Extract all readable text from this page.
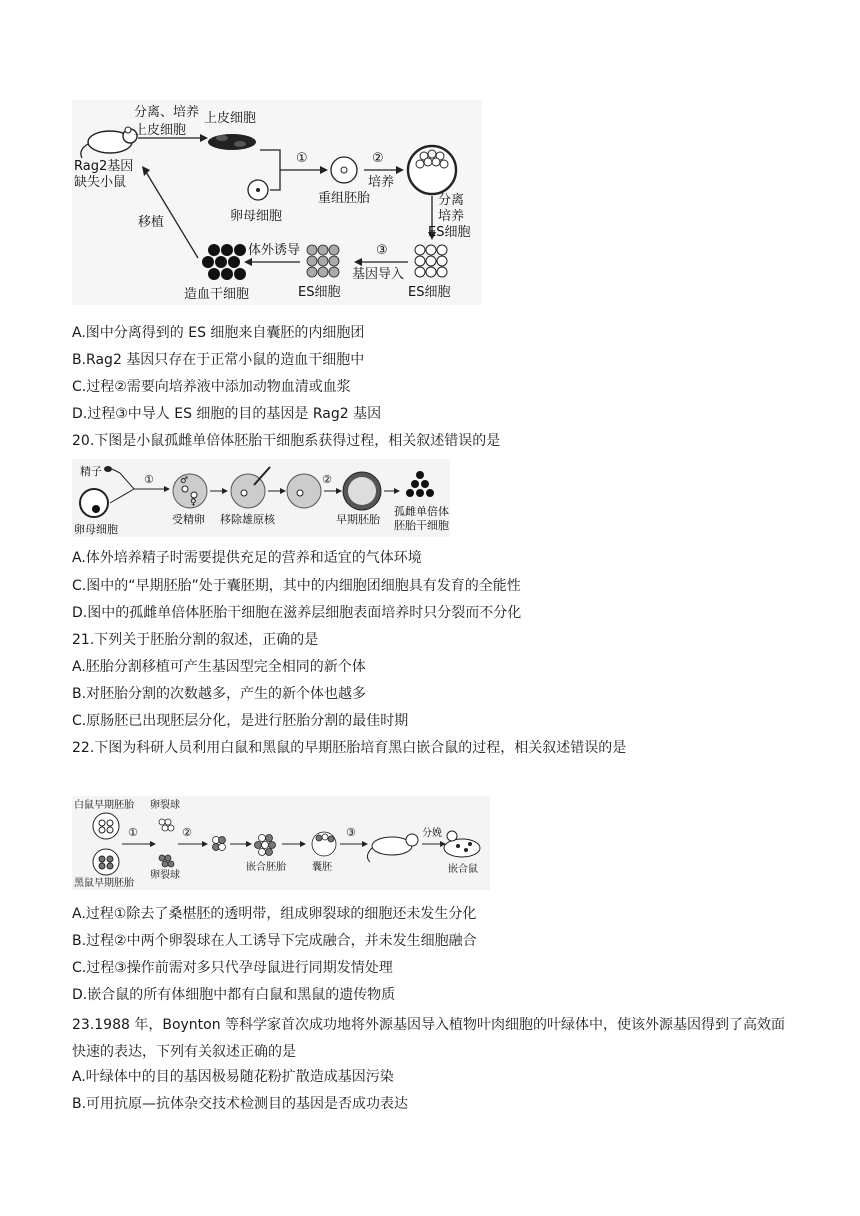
Rag2基因
缺失小鼠
分离、培养
上皮细胞
上皮细胞
卵母细胞
①
重组胚胎
②
培养
分离
培养
ES细胞
ES细胞
③
基因导入
ES细胞
体外诱导
造血干细胞
移植
A.图中分离得到的 ES 细胞来自囊胚的内细胞团
B.Rag2 基因只存在于正常小鼠的造血干细胞中
C.过程②需要向培养液中添加动物血清或血浆
D.过程③中导人 ES 细胞的目的基因是 Rag2 基因
20.下图是小鼠孤雌单倍体胚胎干细胞系获得过程，相关叙述错误的是
精子
卵母细胞
①	♂
♀
受精卵 移除雄原核
②
早期胚胎
孤雌单倍体
胚胎干细胞
A.体外培养精子时需要提供充足的营养和适宜的气体环境
C.图中的“早期胚胎”处于囊胚期，其中的内细胞团细胞具有发育的全能性
D.图中的孤雌单倍体胚胎干细胞在滋养层细胞表面培养时只分裂而不分化
21.下列关于胚胎分割的叙述，正确的是
A.胚胎分割移植可产生基因型完全相同的新个体
B.对胚胎分割的次数越多，产生的新个体也越多
C.原肠胚已出现胚层分化，是进行胚胎分割的最佳时期
22.下图为科研人员利用白鼠和黑鼠的早期胚胎培育黑白嵌合鼠的过程，相关叙述错误的是
白鼠早期胚胎
黑鼠早期胚胎
①
卵裂球
卵裂球
②
嵌合胚胎	囊胚
③	分娩
嵌合鼠
A.过程①除去了桑椹胚的透明带，组成卵裂球的细胞还未发生分化
B.过程②中两个卵裂球在人工诱导下完成融合，并未发生细胞融合
C.过程③操作前需对多只代孕母鼠进行同期发情处理
D.嵌合鼠的所有体细胞中都有白鼠和黑鼠的遗传物质
23.1988 年，Boynton 等科学家首次成功地将外源基因导入植物叶肉细胞的叶绿体中，使该外源基因得到了高效面快速的表达，下列有关叙述正确的是
A.叶绿体中的目的基因极易随花粉扩散造成基因污染
B.可用抗原—抗体杂交技术检测目的基因是否成功表达
